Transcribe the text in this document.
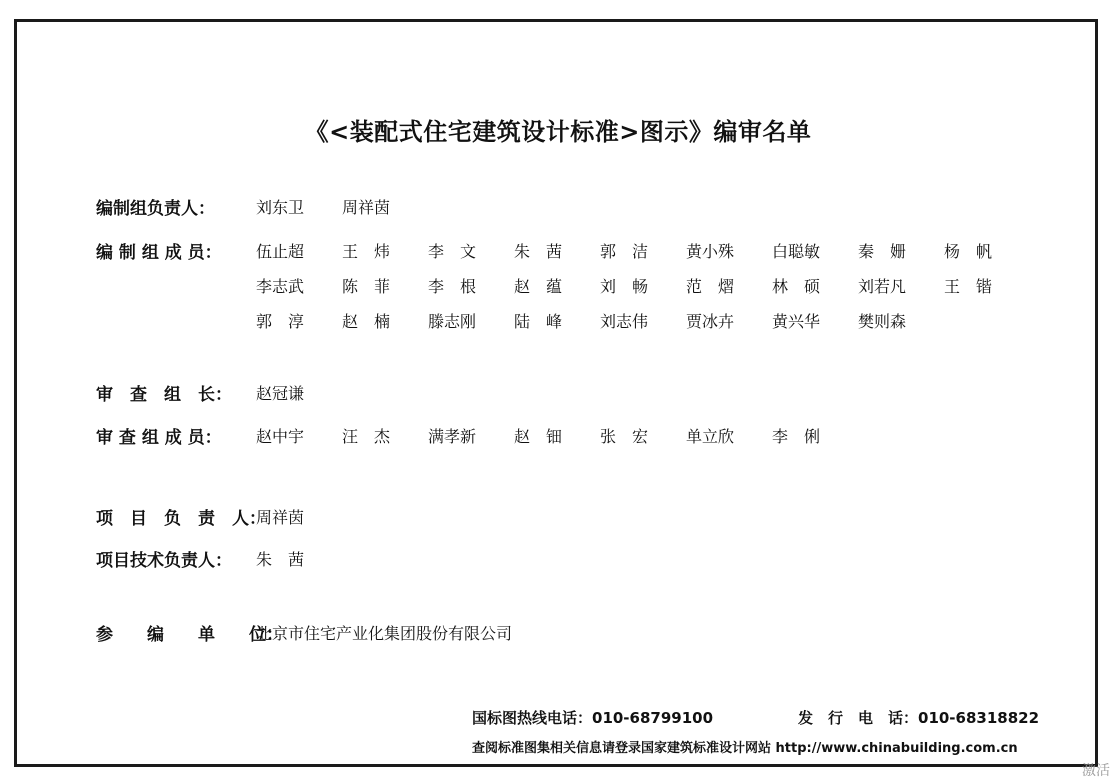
《<装配式住宅建筑设计标准>图示》编审名单
编制组负责人：	刘东卫	周祥茵
编 制 组 成 员： 伍止超	王　炜	李　文	朱　茜	郭　洁	黄小殊	白聪敏	秦　姗	杨　帆
李志武	陈　菲	李　根	赵　蕴	刘　畅	范　熠	林　硕	刘若凡	王　锴
郭　淳	赵　楠	滕志刚	陆　峰	刘志伟	贾冰卉	黄兴华	樊则森
审　查　组　长： 赵冠谦
审 查 组 成 员： 赵中宇	汪　杰	满孝新	赵　钿	张　宏	单立欣	李　俐
项　目　负　责　人：
周祥茵
项目技术负责人： 朱　茜
参　　编　　单　　位：
北京市住宅产业化集团股份有限公司
国标图热线电话：010-68799100	发　行　电　话：010-68318822
查阅标准图集相关信息请登录国家建筑标准设计网站 http://www.chinabuilding.com.cn
激活
